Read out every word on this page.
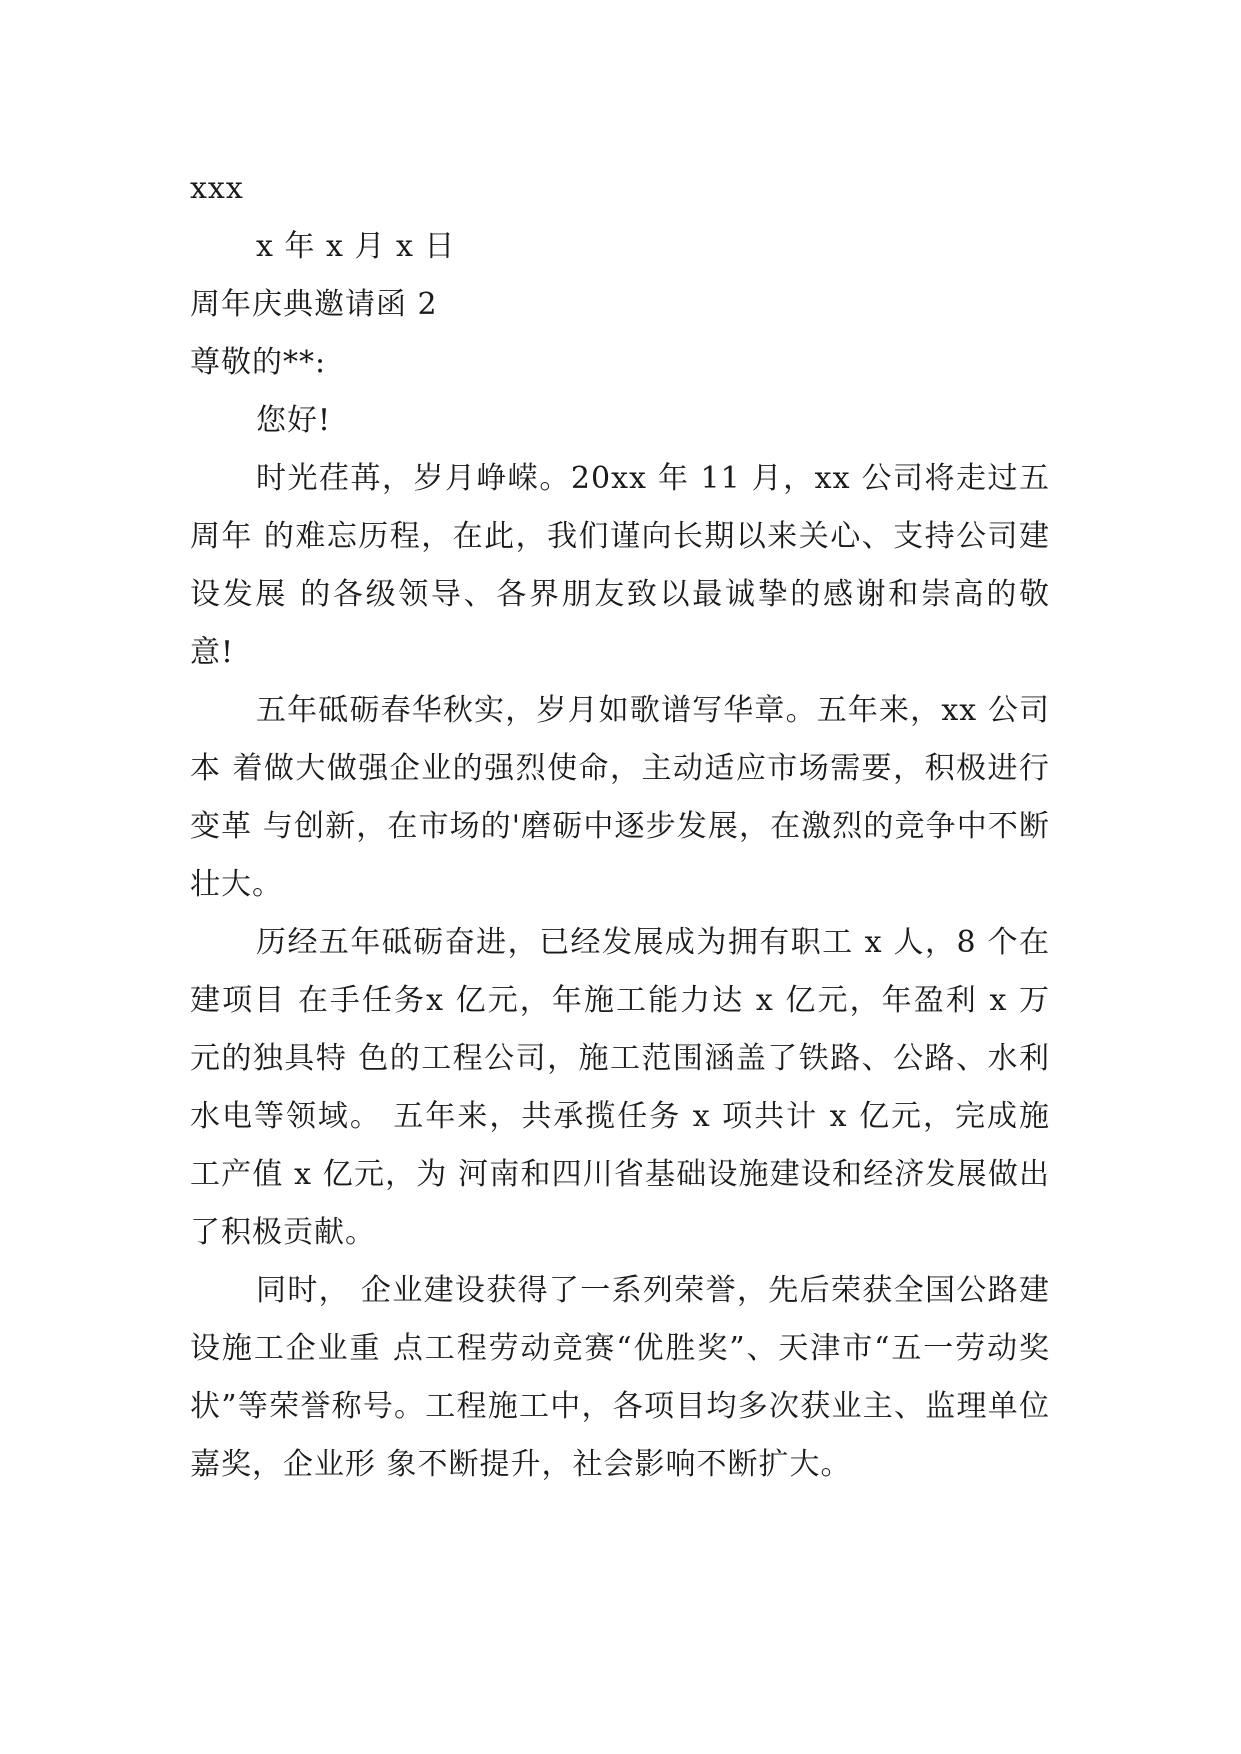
xxx
x 年 x 月 x 日
周年庆典邀请函 2
尊敬的**:
您好!

时光荏苒，岁月峥嵘。20xx 年 11 月，xx 公司将走过五周年 的难忘历程，在此，我们谨向长期以来关心、支持公司建设发展 的各级领导、各界朋友致以最诚挚的感谢和崇高的敬意!

五年砥砺春华秋实，岁月如歌谱写华章。五年来，xx 公司本 着做大做强企业的强烈使命，主动适应市场需要，积极进行变革 与创新，在市场的'磨砺中逐步发展，在激烈的竞争中不断壮大。

历经五年砥砺奋进，已经发展成为拥有职工 x 人，8 个在建项目 在手任务x 亿元，年施工能力达 x 亿元，年盈利 x 万元的独具特 色的工程公司，施工范围涵盖了铁路、公路、水利水电等领域。 五年来，共承揽任务 x 项共计 x 亿元，完成施工产值 x 亿元，为 河南和四川省基础设施建设和经济发展做出了积极贡献。

同时， 企业建设获得了一系列荣誉，先后荣获全国公路建设施工企业重 点工程劳动竞赛“优胜奖”、天津市“五一劳动奖状”等荣誉称号。工程施工中，各项目均多次获业主、监理单位嘉奖，企业形 象不断提升，社会影响不断扩大。
